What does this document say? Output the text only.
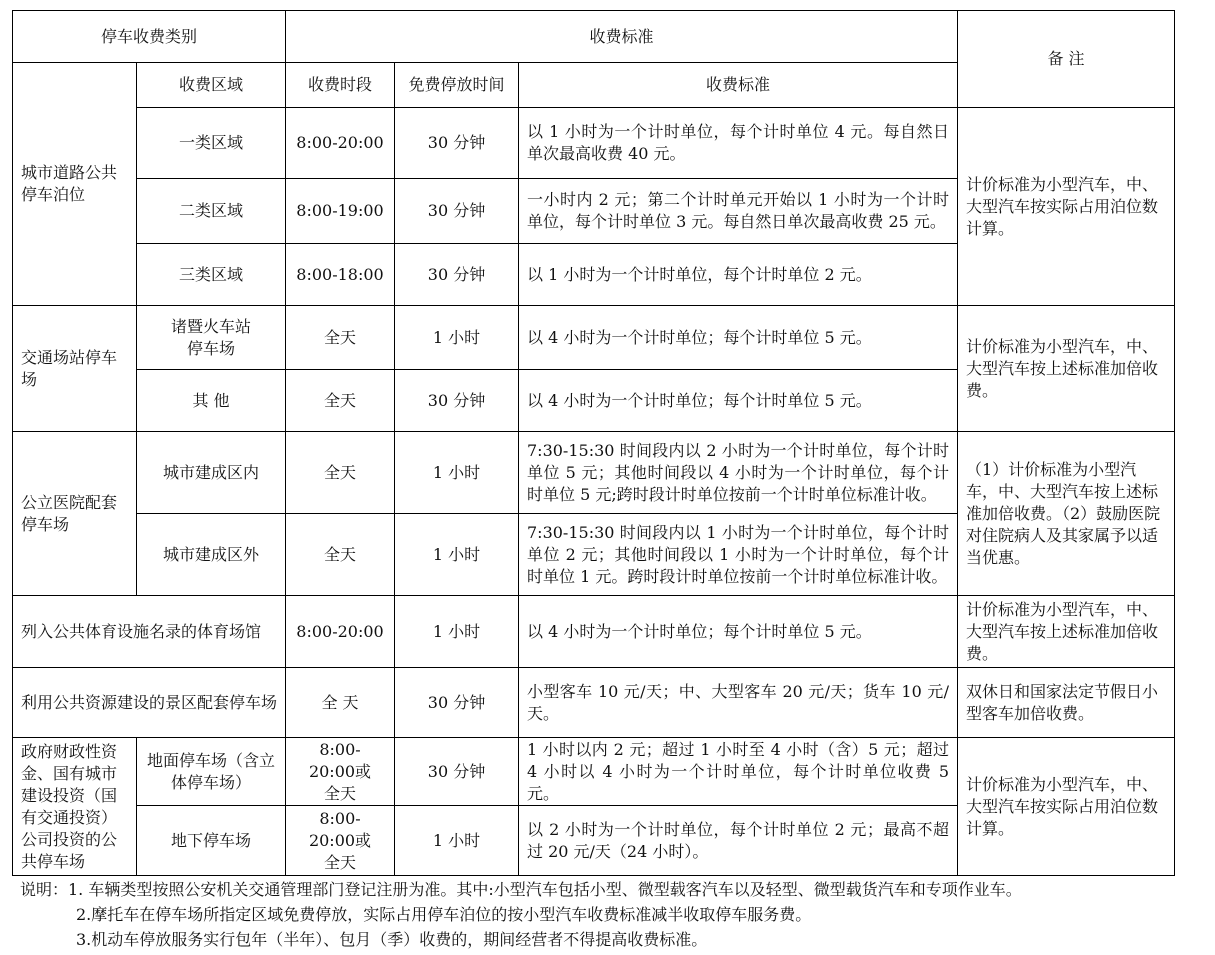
停车收费类别		收费标准			备 注
城市道路公共停车泊位	收费区域	收费时段	免费停放时间	收费标准	
	一类区域	8:00-20:00	30 分钟	以 1 小时为一个计时单位，每个计时单位 4 元。每自然日单次最高收费 40 元。	计价标准为小型汽车，中、大型汽车按实际占用泊位数计算。
	二类区域	8:00-19:00	30 分钟	一小时内 2 元；第二个计时单元开始以 1 小时为一个计时单位，每个计时单位 3 元。每自然日单次最高收费 25 元。	
	三类区域	8:00-18:00	30 分钟	以 1 小时为一个计时单位，每个计时单位 2 元。	
交通场站停车场	诸暨火车站停车场	全天	1 小时	以 4 小时为一个计时单位；每个计时单位 5 元。	计价标准为小型汽车，中、大型汽车按上述标准加倍收费。
	其 他	全天	30 分钟	以 4 小时为一个计时单位；每个计时单位 5 元。	
公立医院配套停车场	城市建成区内	全天	1 小时	7:30-15:30 时间段内以 2 小时为一个计时单位，每个计时单位 5 元；其他时间段以 4 小时为一个计时单位，每个计时单位 5 元;跨时段计时单位按前一个计时单位标准计收。	（1）计价标准为小型汽车，中、大型汽车按上述标准加倍收费。（2）鼓励医院对住院病人及其家属予以适当优惠。
	城市建成区外	全天	1 小时	7:30-15:30 时间段内以 1 小时为一个计时单位，每个计时单位 2 元；其他时间段以 1 小时为一个计时单位，每个计时单位 1 元。跨时段计时单位按前一个计时单位标准计收。	
列入公共体育设施名录的体育场馆		8:00-20:00	1 小时	以 4 小时为一个计时单位；每个计时单位 5 元。	计价标准为小型汽车，中、大型汽车按上述标准加倍收费。
利用公共资源建设的景区配套停车场		全 天	30 分钟	小型客车 10 元/天；中、大型客车 20 元/天；货车 10 元/天。	双休日和国家法定节假日小型客车加倍收费。
政府财政性资金、国有城市建设投资（国有交通投资）公司投资的公共停车场	地面停车场（含立体停车场）	8:00-20:00或全天	30 分钟	1 小时以内 2 元；超过 1 小时至 4 小时（含）5 元；超过 4 小时以 4 小时为一个计时单位，每个计时单位收费 5 元。	计价标准为小型汽车，中、大型汽车按实际占用泊位数计算。
	地下停车场	8:00-20:00或全天	1 小时	以 2 小时为一个计时单位，每个计时单位 2 元；最高不超过 20 元/天（24 小时）。	
说明：1. 车辆类型按照公安机关交通管理部门登记注册为准。其中:小型汽车包括小型、微型载客汽车以及轻型、微型载货汽车和专项作业车。
2.摩托车在停车场所指定区域免费停放，实际占用停车泊位的按小型汽车收费标准减半收取停车服务费。
3.机动车停放服务实行包年（半年）、包月（季）收费的，期间经营者不得提高收费标准。
